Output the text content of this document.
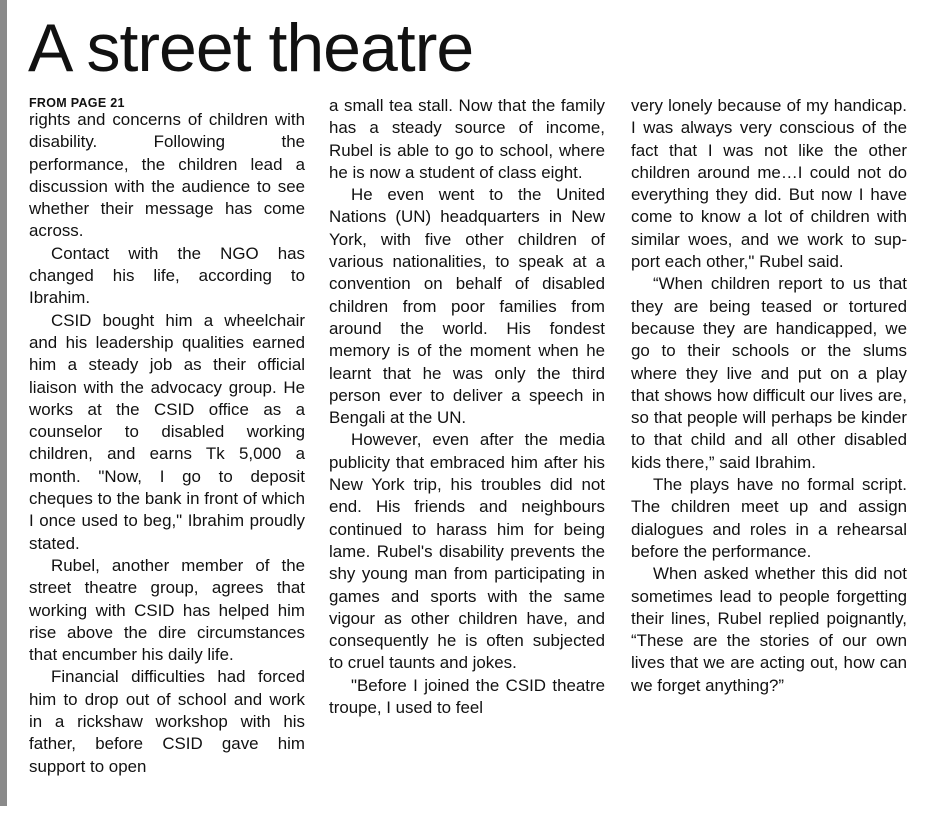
A street theatre
FROM PAGE 21

rights and concerns of children with disability. Following the performance, the children lead a discussion with the audience to see whether their message has come across.

Contact with the NGO has changed his life, according to Ibrahim.

CSID bought him a wheelchair and his leadership qualities earned him a steady job as their official liaison with the advocacy group. He works at the CSID office as a counselor to disabled working children, and earns Tk 5,000 a month. "Now, I go to deposit cheques to the bank in front of which I once used to beg," Ibrahim proudly stated.

Rubel, another member of the street theatre group, agrees that working with CSID has helped him rise above the dire circumstances that encumber his daily life.

Financial difficulties had forced him to drop out of school and work in a rickshaw workshop with his father, before CSID gave him support to open

a small tea stall. Now that the family has a steady source of income, Rubel is able to go to school, where he is now a student of class eight.

He even went to the United Nations (UN) headquarters in New York, with five other children of various nationalities, to speak at a convention on behalf of disabled children from poor families from around the world. His fondest memory is of the moment when he learnt that he was only the third person ever to deliver a speech in Bengali at the UN.

However, even after the media publicity that embraced him after his New York trip, his troubles did not end. His friends and neighbours continued to harass him for being lame. Rubel's disability prevents the shy young man from participating in games and sports with the same vigour as other children have, and consequently he is often subjected to cruel taunts and jokes.

"Before I joined the CSID theatre troupe, I used to feel

very lonely because of my handicap. I was always very conscious of the fact that I was not like the other children around me…I could not do everything they did. But now I have come to know a lot of children with similar woes, and we work to support each other," Rubel said.

“When children report to us that they are being teased or tortured because they are handicapped, we go to their schools or the slums where they live and put on a play that shows how difficult our lives are, so that people will perhaps be kinder to that child and all other disabled kids there,” said Ibrahim.

The plays have no formal script. The children meet up and assign dialogues and roles in a rehearsal before the performance.

When asked whether this did not sometimes lead to people forgetting their lines, Rubel replied poignantly, “These are the stories of our own lives that we are acting out, how can we forget anything?”
